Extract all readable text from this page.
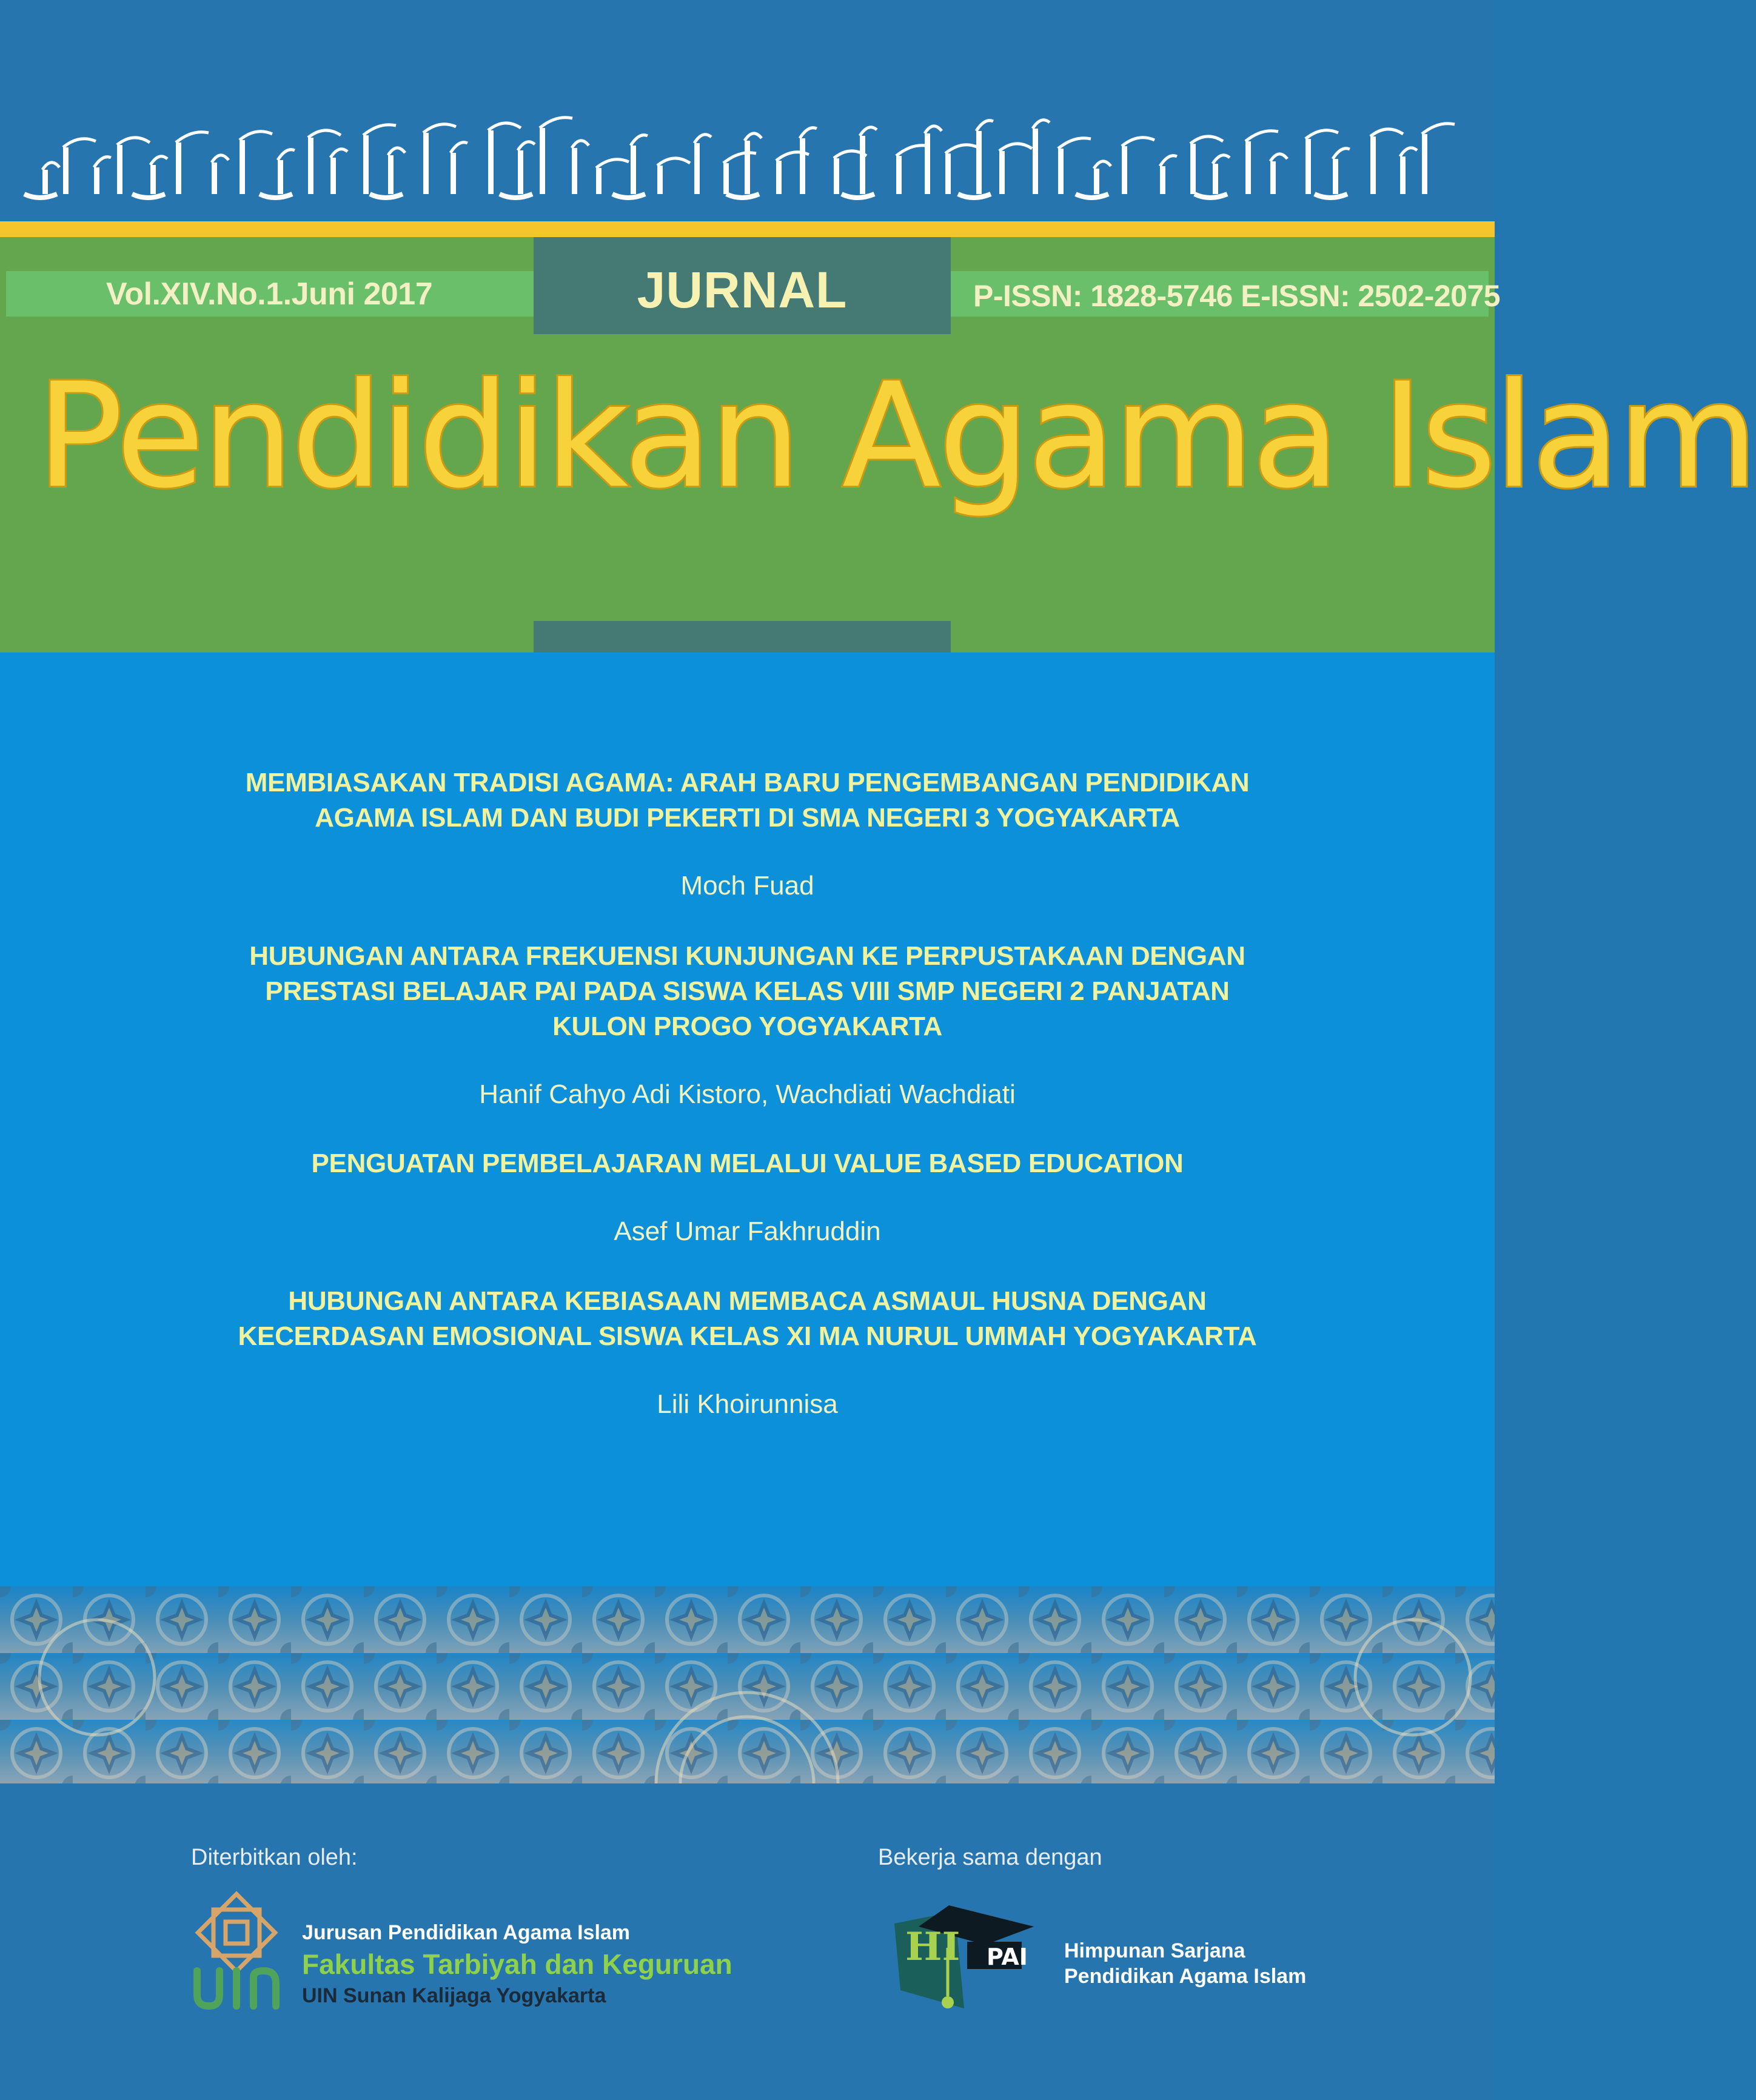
Vol.XIV.No.1.Juni 2017	P-ISSN: 1828-5746 E-ISSN: 2502-2075
JURNAL
Pendidikan Agama Islam

MEMBIASAKAN TRADISI AGAMA: ARAH BARU PENGEMBANGAN PENDIDIKAN
AGAMA ISLAM DAN BUDI PEKERTI DI SMA NEGERI 3 YOGYAKARTA

Moch Fuad

HUBUNGAN ANTARA FREKUENSI KUNJUNGAN KE PERPUSTAKAAN DENGAN
PRESTASI BELAJAR PAI PADA SISWA KELAS VIII SMP NEGERI 2 PANJATAN
KULON PROGO YOGYAKARTA

Hanif Cahyo Adi Kistoro, Wachdiati Wachdiati

PENGUATAN PEMBELAJARAN MELALUI VALUE BASED EDUCATION

Asef Umar Fakhruddin

HUBUNGAN ANTARA KEBIASAAN MEMBACA ASMAUL HUSNA DENGAN
KECERDASAN EMOSIONAL SISWA KELAS XI MA NURUL UMMAH YOGYAKARTA

Lili Khoirunnisa

Diterbitkan oleh:	Bekerja sama dengan
Jurusan Pendidikan Agama Islam
Fakultas Tarbiyah dan Keguruan
UIN Sunan Kalijaga Yogyakarta
HI PAI Himpunan Sarjana
Pendidikan Agama Islam
